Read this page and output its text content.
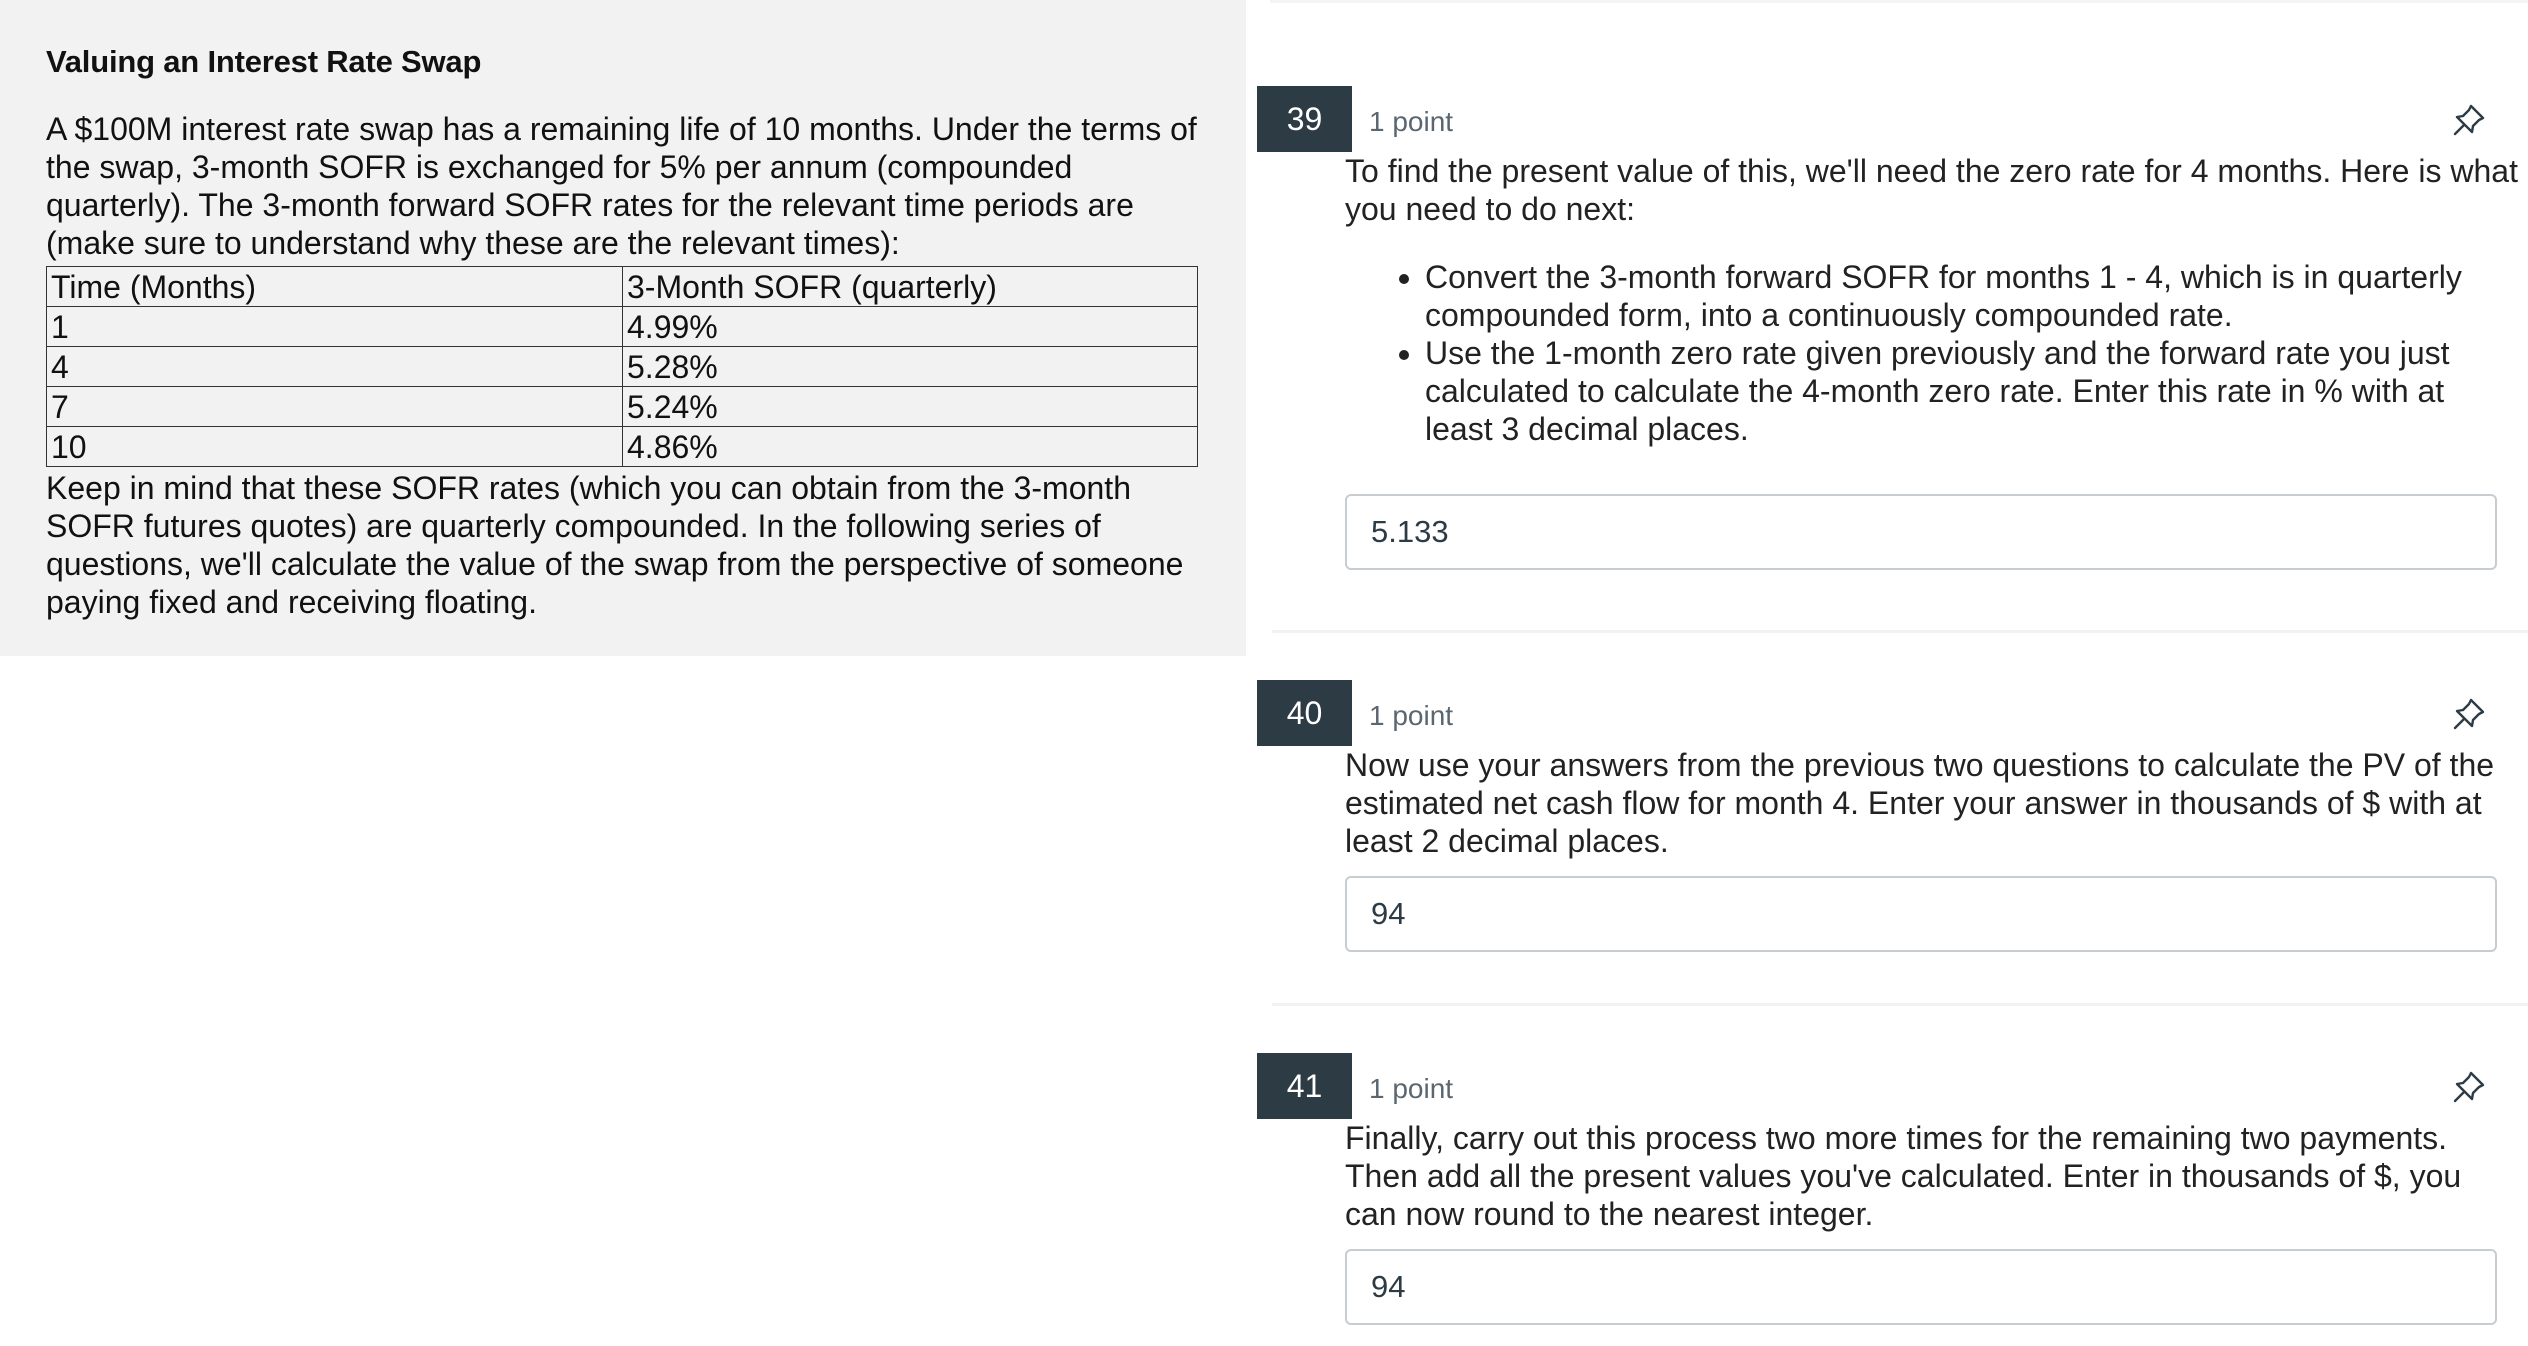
Valuing an Interest Rate Swap
A $100M interest rate swap has a remaining life of 10 months. Under the terms of the swap, 3-month SOFR is exchanged for 5% per annum (compounded quarterly). The 3-month forward SOFR rates for the relevant time periods are (make sure to understand why these are the relevant times):
Time (Months)	3-Month SOFR (quarterly)
1	4.99%
4	5.28%
7	5.24%
10	4.86%
Keep in mind that these SOFR rates (which you can obtain from the 3-month SOFR futures quotes) are quarterly compounded. In the following series of questions, we'll calculate the value of the swap from the perspective of someone paying fixed and receiving floating.
39	1 point

To find the present value of this, we'll need the zero rate for 4 months. Here is what you need to do next:

• Convert the 3-month forward SOFR for months 1 - 4, which is in quarterly compounded form, into a continuously compounded rate.
• Use the 1-month zero rate given previously and the forward rate you just calculated to calculate the 4-month zero rate. Enter this rate in % with at least 3 decimal places.
5.133
40	1 point

Now use your answers from the previous two questions to calculate the PV of the estimated net cash flow for month 4. Enter your answer in thousands of $ with at least 2 decimal places.

94
41	1 point

Finally, carry out this process two more times for the remaining two payments. Then add all the present values you've calculated. Enter in thousands of $, you can now round to the nearest integer.

94
